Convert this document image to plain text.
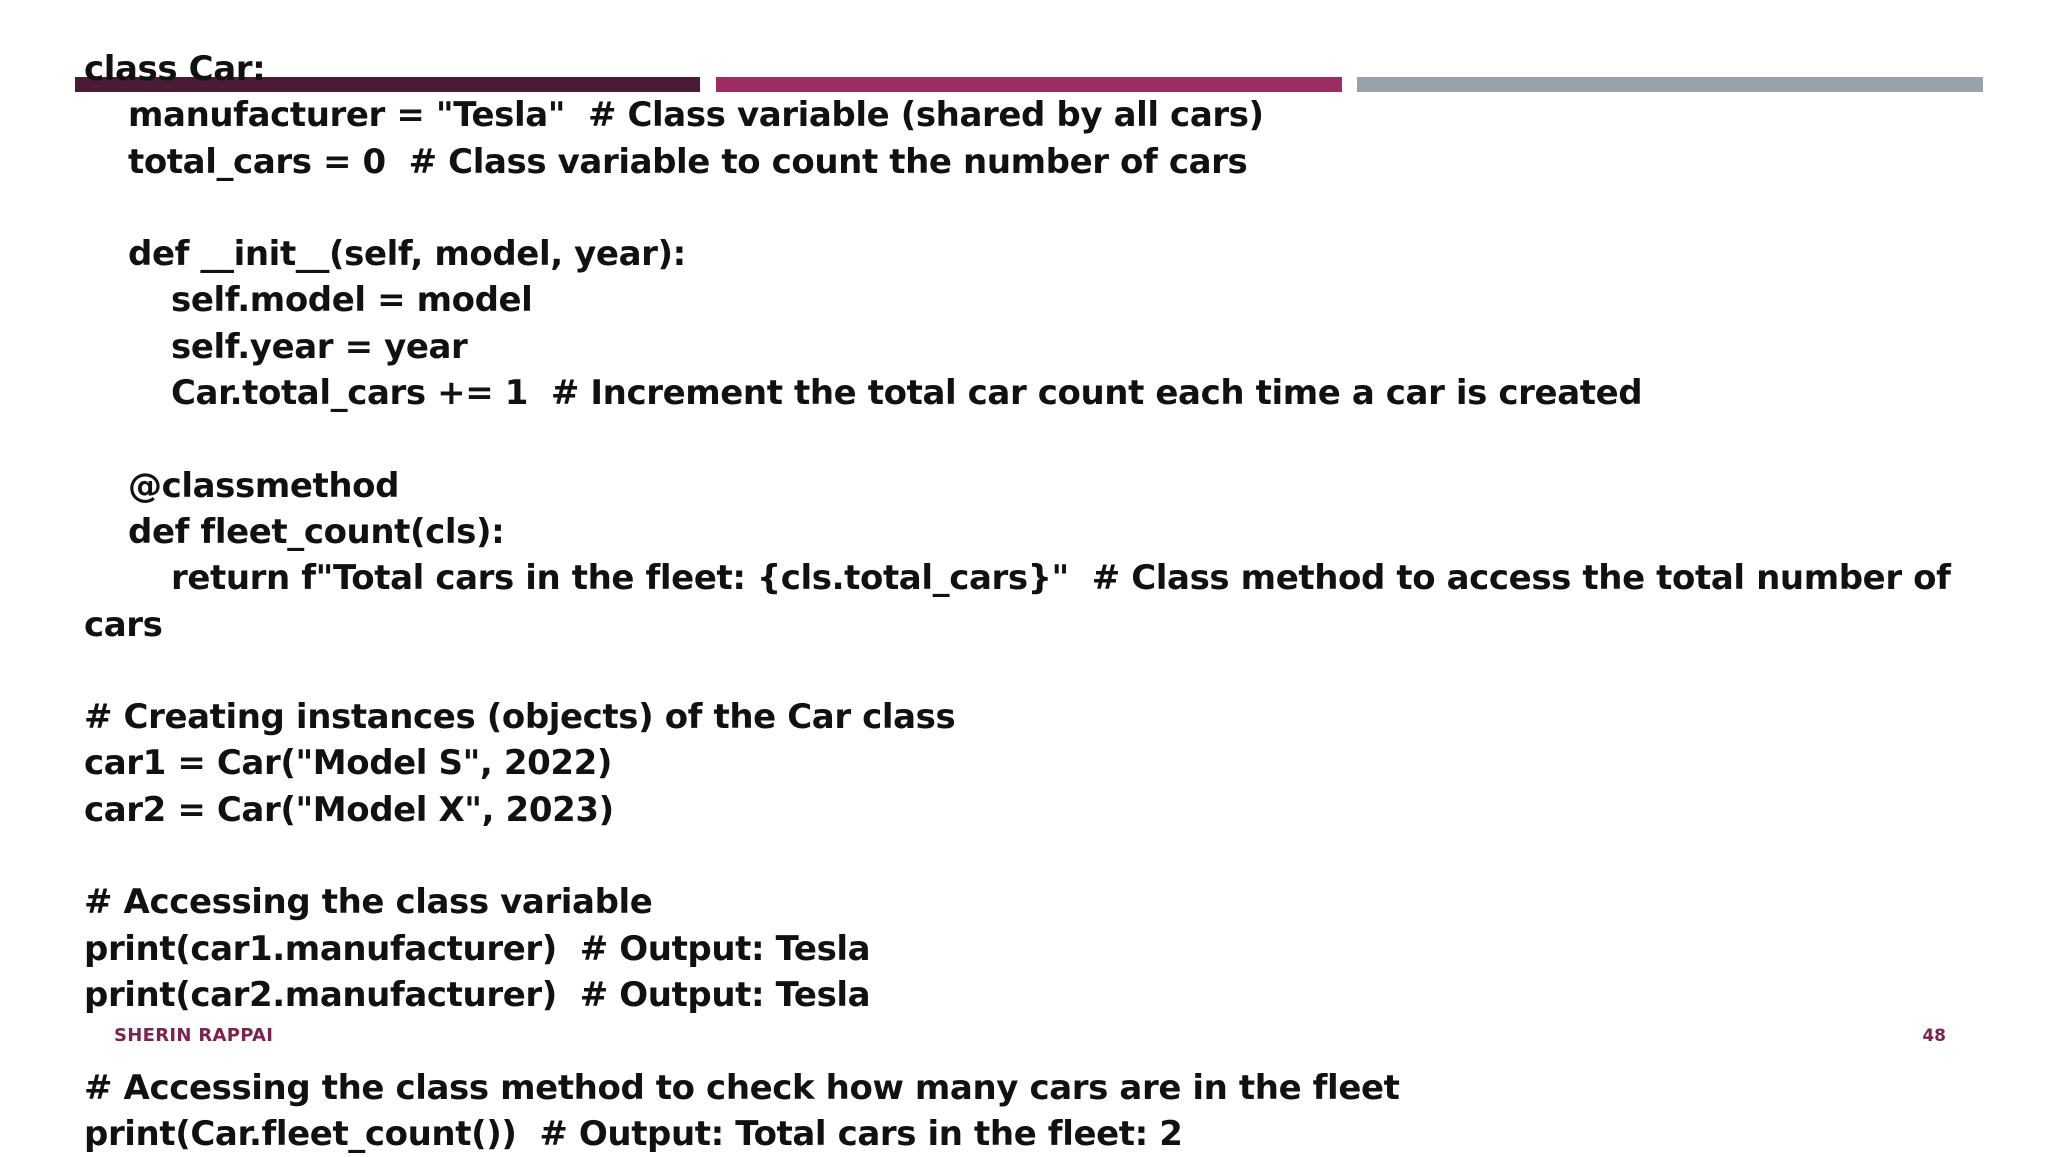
class Car:
manufacturer = "Tesla"  # Class variable (shared by all cars)
total_cars = 0  # Class variable to count the number of cars
def __init__(self, model, year):
self.model = model
self.year = year
Car.total_cars += 1  # Increment the total car count each time a car is created
@classmethod
def fleet_count(cls):
return f"Total cars in the fleet: {cls.total_cars}"  # Class method to access the total number of
cars
# Creating instances (objects) of the Car class
car1 = Car("Model S", 2022)
car2 = Car("Model X", 2023)
# Accessing the class variable
print(car1.manufacturer)  # Output: Tesla
print(car2.manufacturer)  # Output: Tesla
# Accessing the class method to check how many cars are in the fleet
print(Car.fleet_count())  # Output: Total cars in the fleet: 2
SHERIN RAPPAI	48
